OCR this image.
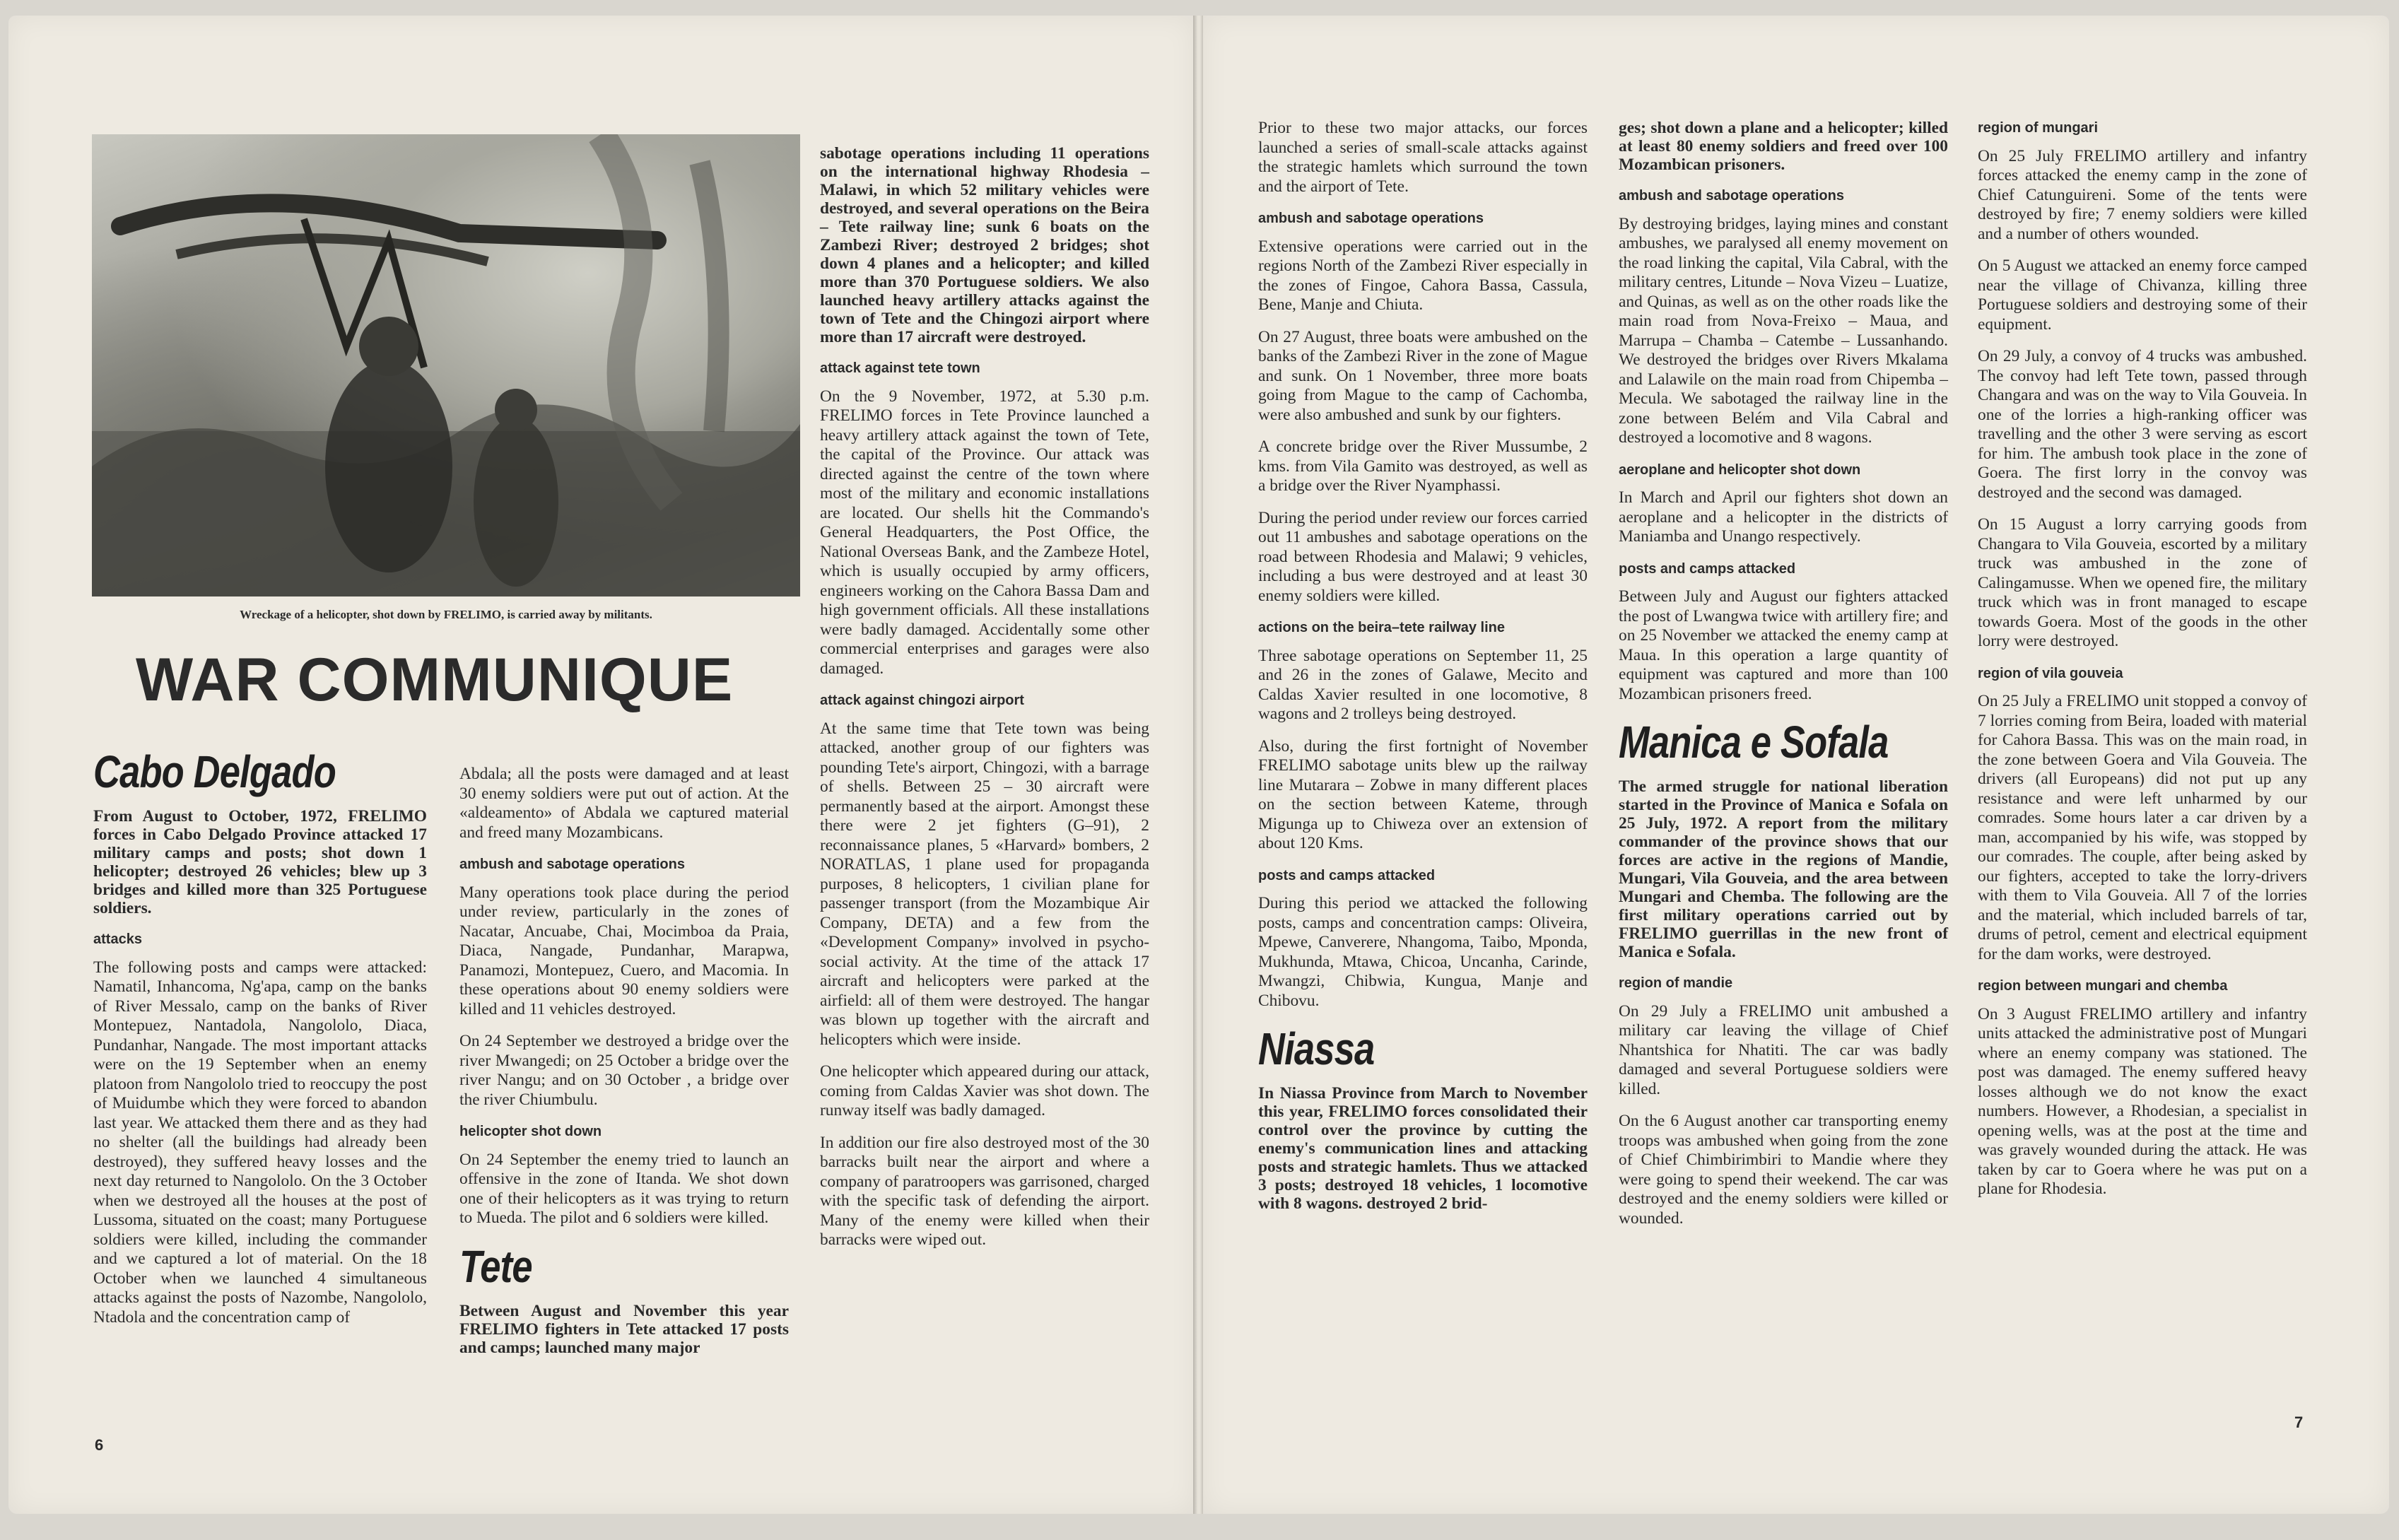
Wreckage of a helicopter, shot down by FRELIMO, is carried away by militants.
WAR COMMUNIQUE
Cabo Delgado

From August to October, 1972, FRELIMO forces in Cabo Delgado Province attacked 17 military camps and posts; shot down 1 helicopter; destroyed 26 vehicles; blew up 3 bridges and killed more than 325 Portuguese soldiers.

attacks

The following posts and camps were attacked: Namatil, Inhancoma, Ng'apa, camp on the banks of River Messalo, camp on the banks of River Montepuez, Nantadola, Nangololo, Diaca, Pundanhar, Nangade. The most important attacks were on the 19 September when an enemy platoon from Nangololo tried to reoccupy the post of Muidumbe which they were forced to abandon last year. We attacked them there and as they had no shelter (all the buildings had already been destroyed), they suffered heavy losses and the next day returned to Nangololo. On the 3 October when we destroyed all the houses at the post of Lussoma, situated on the coast; many Portuguese soldiers were killed, including the commander and we captured a lot of material. On the 18 October when we launched 4 simultaneous attacks against the posts of Nazombe, Nangololo, Ntadola and the concentration camp of

Abdala; all the posts were damaged and at least 30 enemy soldiers were put out of action. At the «aldeamento» of Abdala we captured material and freed many Mozambicans.

ambush and sabotage operations

Many operations took place during the period under review, particularly in the zones of Nacatar, Ancuabe, Chai, Mocimboa da Praia, Diaca, Nangade, Pundanhar, Marapwa, Panamozi, Montepuez, Cuero, and Macomia. In these operations about 90 enemy soldiers were killed and 11 vehicles destroyed.

On 24 September we destroyed a bridge over the river Mwangedi; on 25 October a bridge over the river Nangu; and on 30 October , a bridge over the river Chiumbulu.

helicopter shot down

On 24 September the enemy tried to launch an offensive in the zone of Itanda. We shot down one of their helicopters as it was trying to return to Mueda. The pilot and 6 soldiers were killed.

Tete

Between August and November this year FRELIMO fighters in Tete attacked 17 posts and camps; launched many major

sabotage operations including 11 operations on the international highway Rhodesia – Malawi, in which 52 military vehicles were destroyed, and several operations on the Beira – Tete railway line; sunk 6 boats on the Zambezi River; destroyed 2 bridges; shot down 4 planes and a helicopter; and killed more than 370 Portuguese soldiers. We also launched heavy artillery attacks against the town of Tete and the Chingozi airport where more than 17 aircraft were destroyed.

attack against tete town

On the 9 November, 1972, at 5.30 p.m. FRELIMO forces in Tete Province launched a heavy artillery attack against the town of Tete, the capital of the Province. Our attack was directed against the centre of the town where most of the military and economic installations are located. Our shells hit the Commando's General Headquarters, the Post Office, the National Overseas Bank, and the Zambeze Hotel, which is usually occupied by army officers, engineers working on the Cahora Bassa Dam and high government officials. All these installations were badly damaged. Accidentally some other commercial enterprises and garages were also damaged.

attack against chingozi airport

At the same time that Tete town was being attacked, another group of our fighters was pounding Tete's airport, Chingozi, with a barrage of shells. Between 25 – 30 aircraft were permanently based at the airport. Amongst these there were 2 jet fighters (G–91), 2 reconnaissance planes, 5 «Harvard» bombers, 2 NORATLAS, 1 plane used for propaganda purposes, 8 helicopters, 1 civilian plane for passenger transport (from the Mozambique Air Company, DETA) and a few from the «Development Company» involved in psycho-social activity. At the time of the attack 17 aircraft and helicopters were parked at the airfield: all of them were destroyed. The hangar was blown up together with the aircraft and helicopters which were inside.

One helicopter which appeared during our attack, coming from Caldas Xavier was shot down. The runway itself was badly damaged.

In addition our fire also destroyed most of the 30 barracks built near the airport and where a company of paratroopers was garrisoned, charged with the specific task of defending the airport. Many of the enemy were killed when their barracks were wiped out.

6

Prior to these two major attacks, our forces launched a series of small-scale attacks against the strategic hamlets which surround the town and the airport of Tete.

ambush and sabotage operations

Extensive operations were carried out in the regions North of the Zambezi River especially in the zones of Fingoe, Cahora Bassa, Cassula, Bene, Manje and Chiuta.

On 27 August, three boats were ambushed on the banks of the Zambezi River in the zone of Mague and sunk. On 1 November, three more boats going from Mague to the camp of Cachomba, were also ambushed and sunk by our fighters.

A concrete bridge over the River Mussumbe, 2 kms. from Vila Gamito was destroyed, as well as a bridge over the River Nyamphassi.

During the period under review our forces carried out 11 ambushes and sabotage operations on the road between Rhodesia and Malawi; 9 vehicles, including a bus were destroyed and at least 30 enemy soldiers were killed.

actions on the beira–tete railway line

Three sabotage operations on September 11, 25 and 26 in the zones of Galawe, Mecito and Caldas Xavier resulted in one locomotive, 8 wagons and 2 trolleys being destroyed.

Also, during the first fortnight of November FRELIMO sabotage units blew up the railway line Mutarara – Zobwe in many different places on the section between Kateme, through Migunga up to Chiweza over an extension of about 120 Kms.

posts and camps attacked

During this period we attacked the following posts, camps and concentration camps: Oliveira, Mpewe, Canverere, Nhangoma, Taibo, Mponda, Mukhunda, Mtawa, Chicoa, Uncanha, Carinde, Mwangzi, Chibwia, Kungua, Manje and Chibovu.

Niassa

In Niassa Province from March to November this year, FRELIMO forces consolidated their control over the province by cutting the enemy's communication lines and attacking posts and strategic hamlets. Thus we attacked 3 posts; destroyed 18 vehicles, 1 locomotive with 8 wagons. destroyed 2 brid-

ges; shot down a plane and a helicopter; killed at least 80 enemy soldiers and freed over 100 Mozambican prisoners.

ambush and sabotage operations

By destroying bridges, laying mines and constant ambushes, we paralysed all enemy movement on the road linking the capital, Vila Cabral, with the military centres, Litunde – Nova Vizeu – Luatize, and Quinas, as well as on the other roads like the main road from Nova-Freixo – Maua, and Marrupa – Chamba – Catembe – Lussanhando. We destroyed the bridges over Rivers Mkalama and Lalawile on the main road from Chipemba – Mecula. We sabotaged the railway line in the zone between Belém and Vila Cabral and destroyed a locomotive and 8 wagons.

aeroplane and helicopter shot down

In March and April our fighters shot down an aeroplane and a helicopter in the districts of Maniamba and Unango respectively.

posts and camps attacked

Between July and August our fighters attacked the post of Lwangwa twice with artillery fire; and on 25 November we attacked the enemy camp at Maua. In this operation a large quantity of equipment was captured and more than 100 Mozambican prisoners freed.

Manica e Sofala

The armed struggle for national liberation started in the Province of Manica e Sofala on 25 July, 1972. A report from the military commander of the province shows that our forces are active in the regions of Mandie, Mungari, Vila Gouveia, and the area between Mungari and Chemba. The following are the first military operations carried out by FRELIMO guerrillas in the new front of Manica e Sofala.

region of mandie

On 29 July a FRELIMO unit ambushed a military car leaving the village of Chief Nhantshica for Nhatiti. The car was badly damaged and several Portuguese soldiers were killed.

On the 6 August another car transporting enemy troops was ambushed when going from the zone of Chief Chimbirimbiri to Mandie where they were going to spend their weekend. The car was destroyed and the enemy soldiers were killed or wounded.

region of mungari

On 25 July FRELIMO artillery and infantry forces attacked the enemy camp in the zone of Chief Catunguireni. Some of the tents were destroyed by fire; 7 enemy soldiers were killed and a number of others wounded.

On 5 August we attacked an enemy force camped near the village of Chivanza, killing three Portuguese soldiers and destroying some of their equipment.

On 29 July, a convoy of 4 trucks was ambushed. The convoy had left Tete town, passed through Changara and was on the way to Vila Gouveia. In one of the lorries a high-ranking officer was travelling and the other 3 were serving as escort for him. The ambush took place in the zone of Goera. The first lorry in the convoy was destroyed and the second was damaged.

On 15 August a lorry carrying goods from Changara to Vila Gouveia, escorted by a military truck was ambushed in the zone of Calingamusse. When we opened fire, the military truck which was in front managed to escape towards Goera. Most of the goods in the other lorry were destroyed.

region of vila gouveia

On 25 July a FRELIMO unit stopped a convoy of 7 lorries coming from Beira, loaded with material for Cahora Bassa. This was on the main road, in the zone between Goera and Vila Gouveia. The drivers (all Europeans) did not put up any resistance and were left unharmed by our comrades. Some hours later a car driven by a man, accompanied by his wife, was stopped by our comrades. The couple, after being asked by our fighters, accepted to take the lorry-drivers with them to Vila Gouveia. All 7 of the lorries and the material, which included barrels of tar, drums of petrol, cement and electrical equipment for the dam works, were destroyed.

region between mungari and chemba

On 3 August FRELIMO artillery and infantry units attacked the administrative post of Mungari where an enemy company was stationed. The post was damaged. The enemy suffered heavy losses although we do not know the exact numbers. However, a Rhodesian, a specialist in opening wells, was at the post at the time and was gravely wounded during the attack. He was taken by car to Goera where he was put on a plane for Rhodesia.

7
